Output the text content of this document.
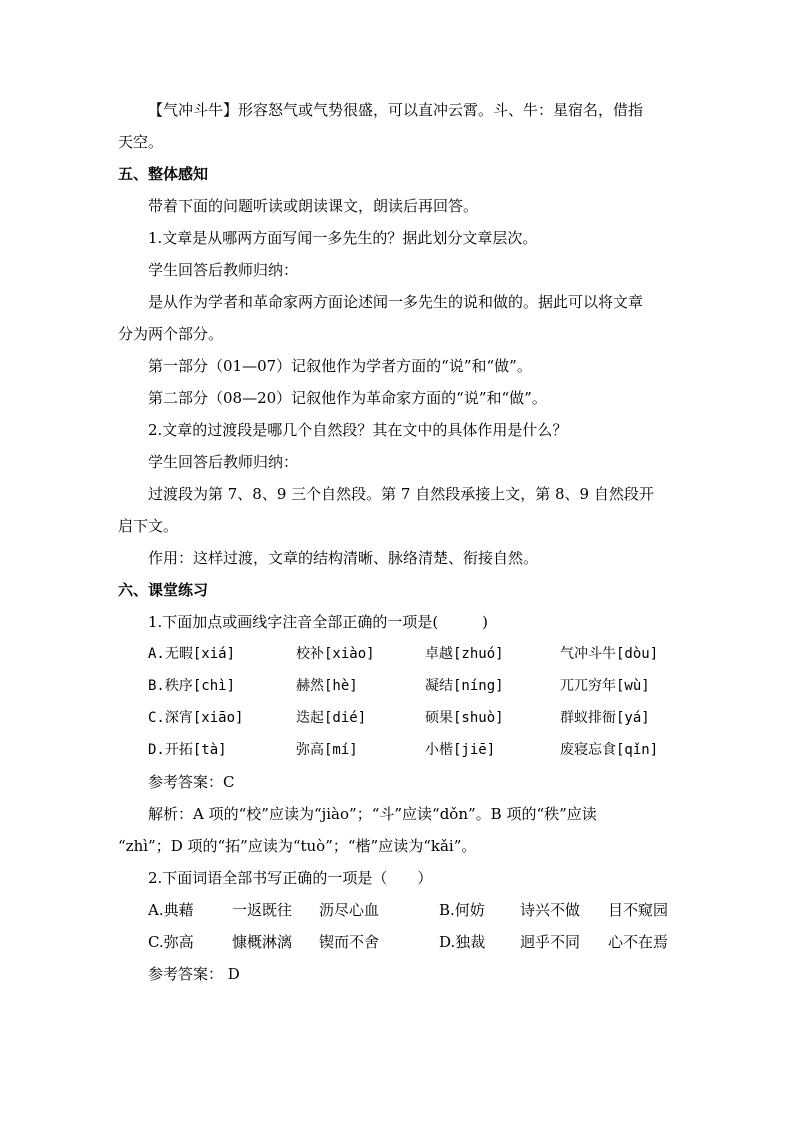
【气冲斗牛】形容怒气或气势很盛，可以直冲云霄。斗、牛：星宿名，借指
天空。
五、整体感知
带着下面的问题听读或朗读课文，朗读后再回答。
1.文章是从哪两方面写闻一多先生的？据此划分文章层次。
学生回答后教师归纳：
是从作为学者和革命家两方面论述闻一多先生的说和做的。据此可以将文章
分为两个部分。
第一部分（01—07）记叙他作为学者方面的“说”和“做”。
第二部分（08—20）记叙他作为革命家方面的“说”和“做”。
2.文章的过渡段是哪几个自然段？其在文中的具体作用是什么？
学生回答后教师归纳：
过渡段为第 7、8、9 三个自然段。第 7 自然段承接上文，第 8、9 自然段开
启下文。
作用：这样过渡，文章的结构清晰、脉络清楚、衔接自然。
六、课堂练习
1.下面加点或画线字注音全部正确的一项是(	)
A.无暇[xiá]	校补[xiào]	卓越[zhuó]	气冲斗牛[dòu]
B.秩序[chì]	赫然[hè]	凝结[níng]	兀兀穷年[wù]
C.深宵[xiāo]	迭起[dié]	硕果[shuò]	群蚁排衙[yá]
D.开拓[tà]	弥高[mí]	小楷[jiē]	废寝忘食[qǐn]
参考答案：C
解析：A 项的“校”应读为“jiào”；“斗”应读“dǒn”。B 项的“秩”应读
“zhì”；D 项的“拓”应读为“tuò”；“楷”应读为“kǎi”。
2.下面词语全部书写正确的一项是（ ）
A.典藉	一返既往 沥尽心血	B.何妨 诗兴不做 目不窥园
C.弥高	慷概淋漓 锲而不舍	D.独裁 迥乎不同 心不在焉
参考答案： D
